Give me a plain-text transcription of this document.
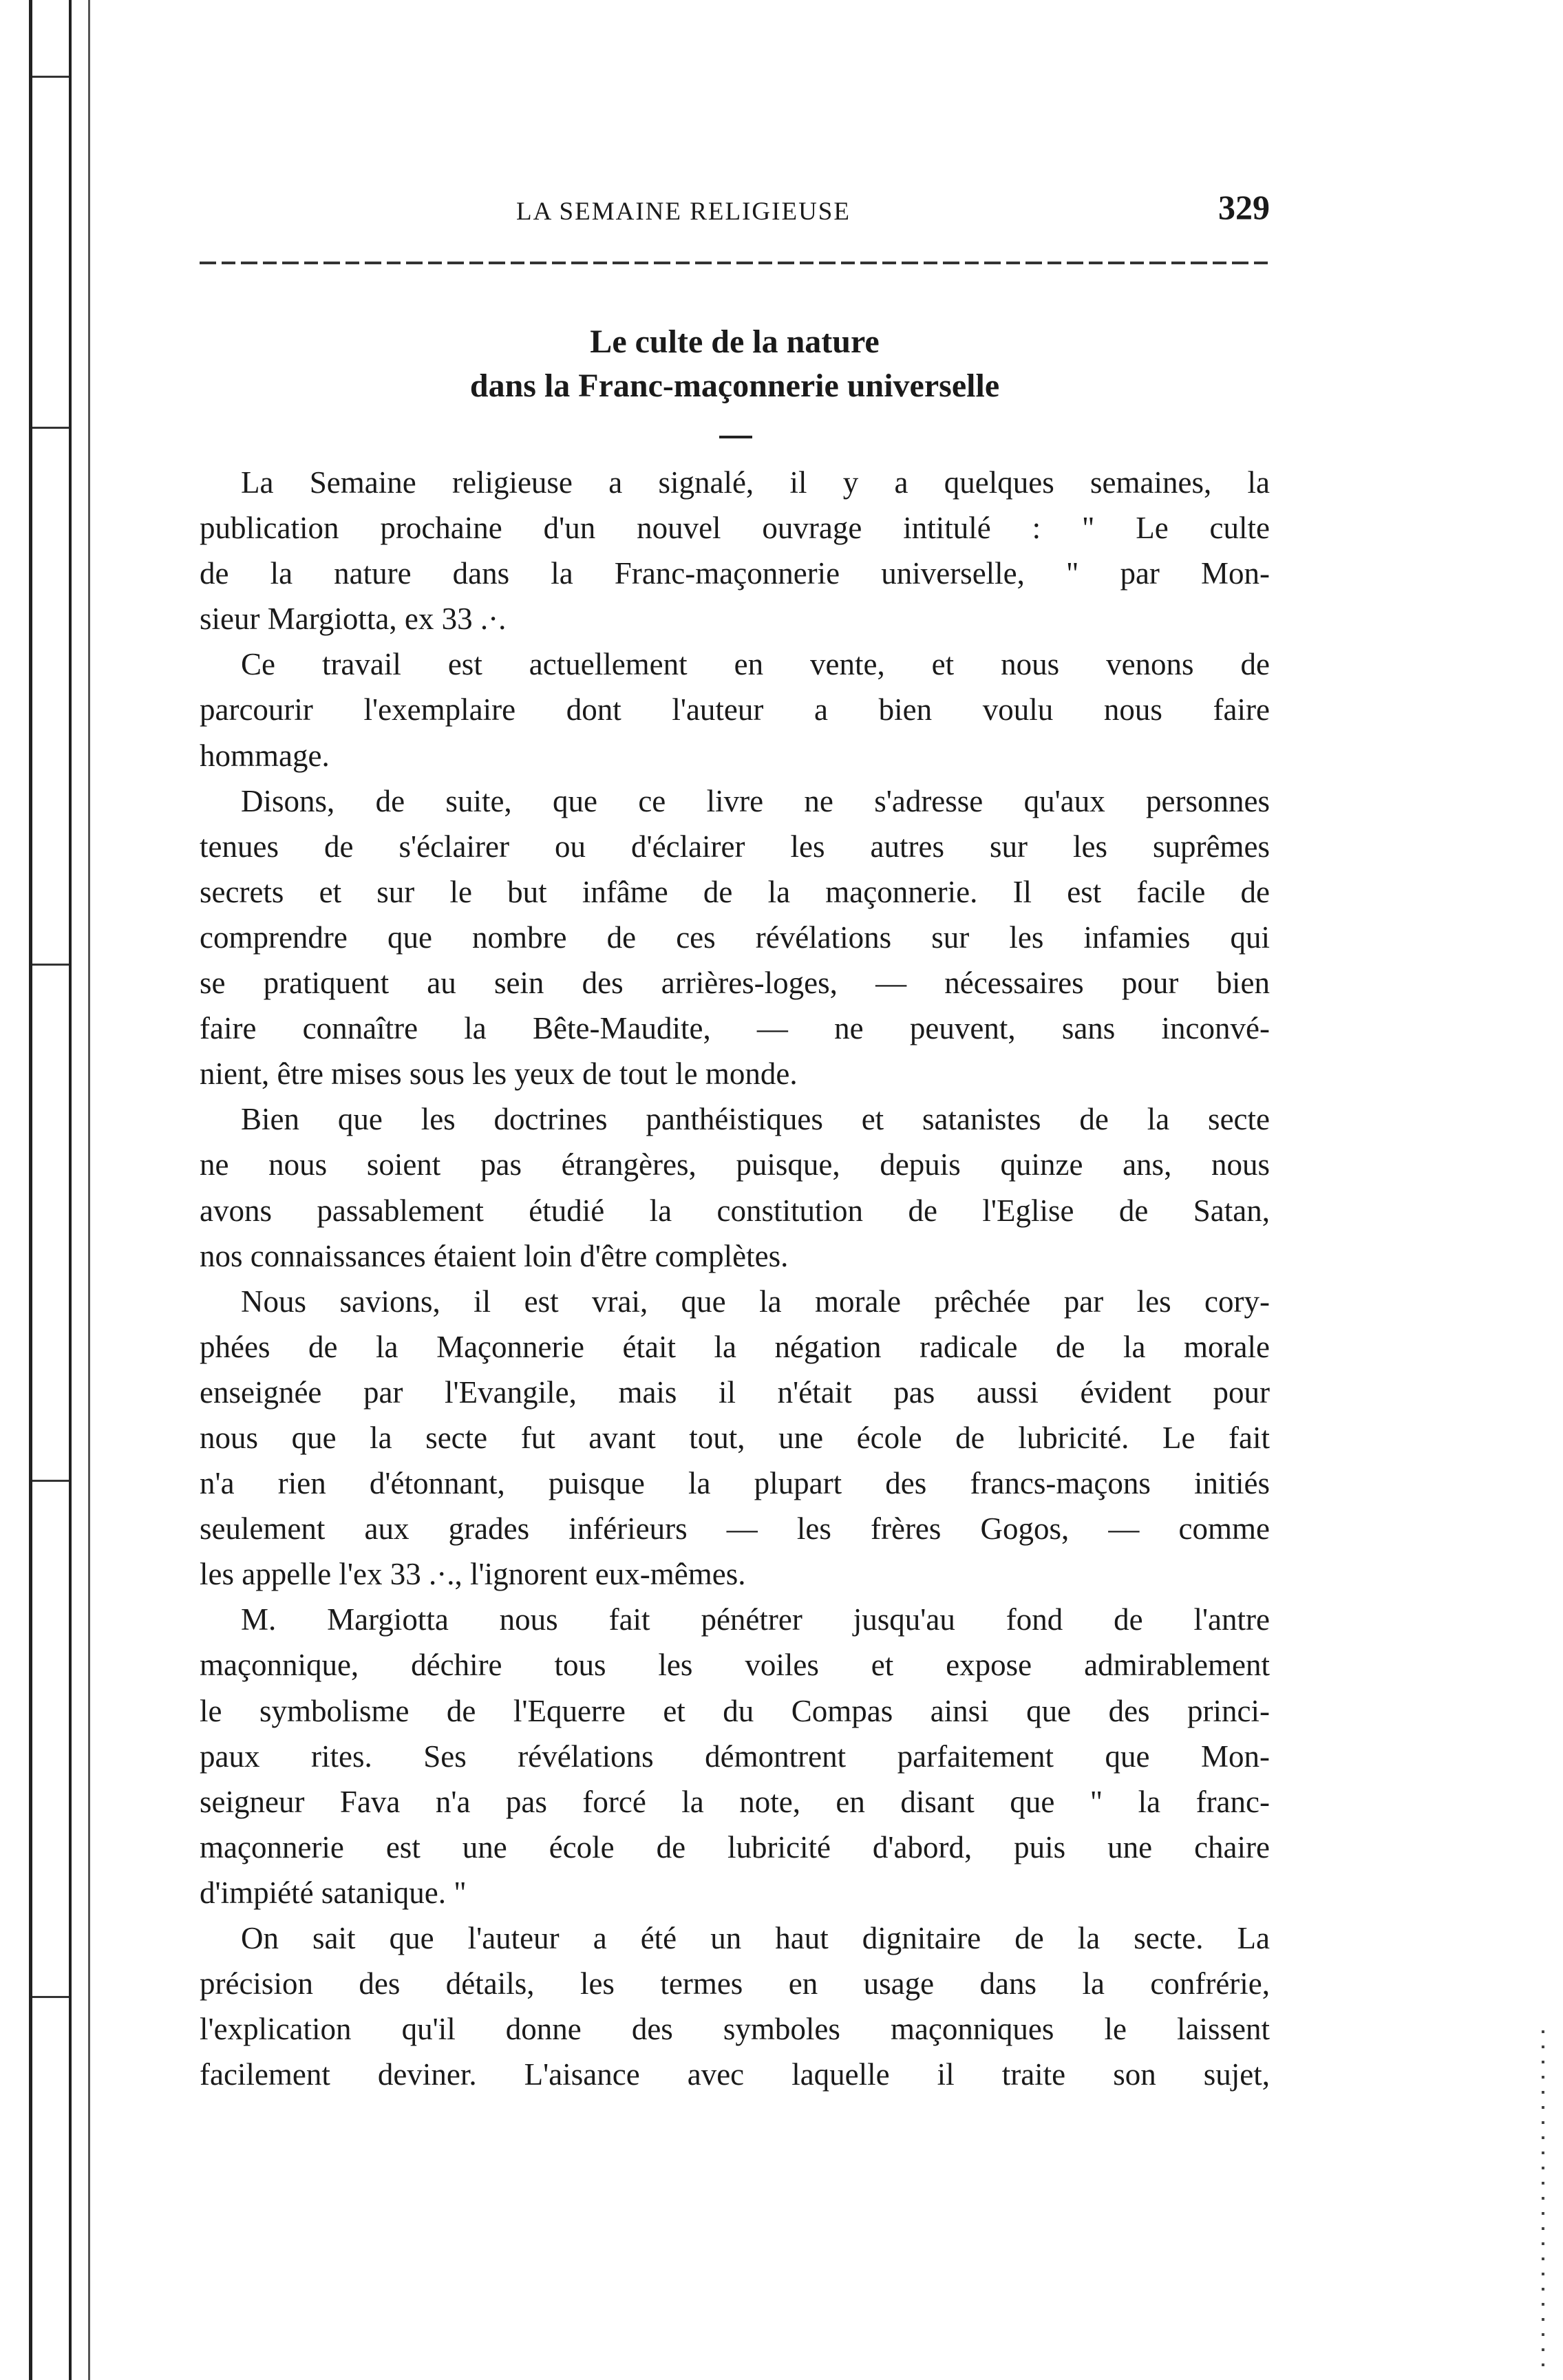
LA SEMAINE RELIGIEUSE	329
Le culte de la nature
dans la Franc-maçonnerie universelle
La Semaine religieuse a signalé, il y a quelques semaines, la
publication prochaine d'un nouvel ouvrage intitulé : " Le culte
de la nature dans la Franc-maçonnerie universelle, " par Mon-
sieur Margiotta, ex 33 .·.
Ce travail est actuellement en vente, et nous venons de
parcourir l'exemplaire dont l'auteur a bien voulu nous faire
hommage.
Disons, de suite, que ce livre ne s'adresse qu'aux personnes
tenues de s'éclairer ou d'éclairer les autres sur les suprêmes
secrets et sur le but infâme de la maçonnerie. Il est facile de
comprendre que nombre de ces révélations sur les infamies qui
se pratiquent au sein des arrières-loges, — nécessaires pour bien
faire connaître la Bête-Maudite, — ne peuvent, sans inconvé-
nient, être mises sous les yeux de tout le monde.
Bien que les doctrines panthéistiques et satanistes de la secte
ne nous soient pas étrangères, puisque, depuis quinze ans, nous
avons passablement étudié la constitution de l'Eglise de Satan,
nos connaissances étaient loin d'être complètes.
Nous savions, il est vrai, que la morale prêchée par les cory-
phées de la Maçonnerie était la négation radicale de la morale
enseignée par l'Evangile, mais il n'était pas aussi évident pour
nous que la secte fut avant tout, une école de lubricité. Le fait
n'a rien d'étonnant, puisque la plupart des francs-maçons initiés
seulement aux grades inférieurs — les frères Gogos, — comme
les appelle l'ex 33 .·., l'ignorent eux-mêmes.
M. Margiotta nous fait pénétrer jusqu'au fond de l'antre
maçonnique, déchire tous les voiles et expose admirablement
le symbolisme de l'Equerre et du Compas ainsi que des princi-
paux rites. Ses révélations démontrent parfaitement que Mon-
seigneur Fava n'a pas forcé la note, en disant que " la franc-
maçonnerie est une école de lubricité d'abord, puis une chaire
d'impiété satanique. "
On sait que l'auteur a été un haut dignitaire de la secte. La
précision des détails, les termes en usage dans la confrérie,
l'explication qu'il donne des symboles maçonniques le laissent
facilement deviner. L'aisance avec laquelle il traite son sujet,
